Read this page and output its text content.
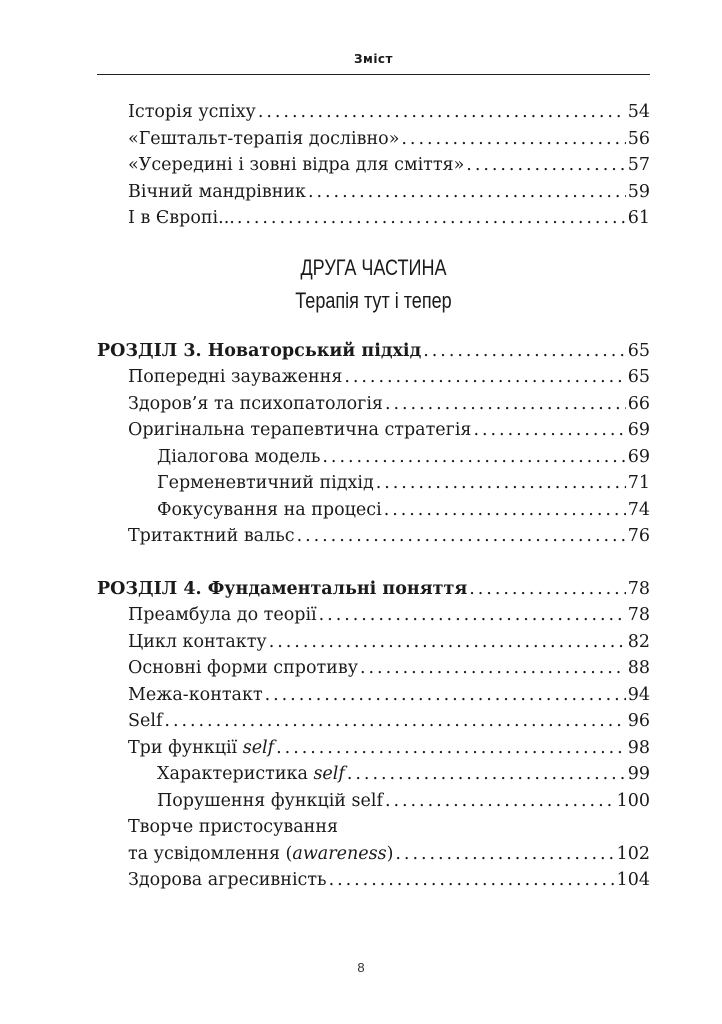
Зміст
Історія успіху . . .	54
«Гештальт-терапія дослівно» . . .	56
«Усередині і зовні відра для сміття» . . .	57
Вічний мандрівник . . .	59
І в Європі... . . .	61
ДРУГА ЧАСТИНА
Терапія тут і тепер
РОЗДІЛ 3. Новаторський підхід . . .	65
Попередні зауваження . . .	65
Здоров’я та психопатологія . . .	66
Оригінальна терапевтична стратегія . . .	69
Діалогова модель . . .	69
Герменевтичний підхід . . .	71
Фокусування на процесі . . .	74
Тритактний вальс . . .	76
РОЗДІЛ 4. Фундаментальні поняття . . .	78
Преамбула до теорії . . .	78
Цикл контакту . . .	82
Основні форми спротиву . . .	88
Межа-контакт . . .	94
Self . . .	96
Три функції self . . .	98
Характеристика self . . .	99
Порушення функцій self . . .	100
Творче пристосування
та усвідомлення (awareness) . . .	102
Здорова агресивність . . .	104
8
